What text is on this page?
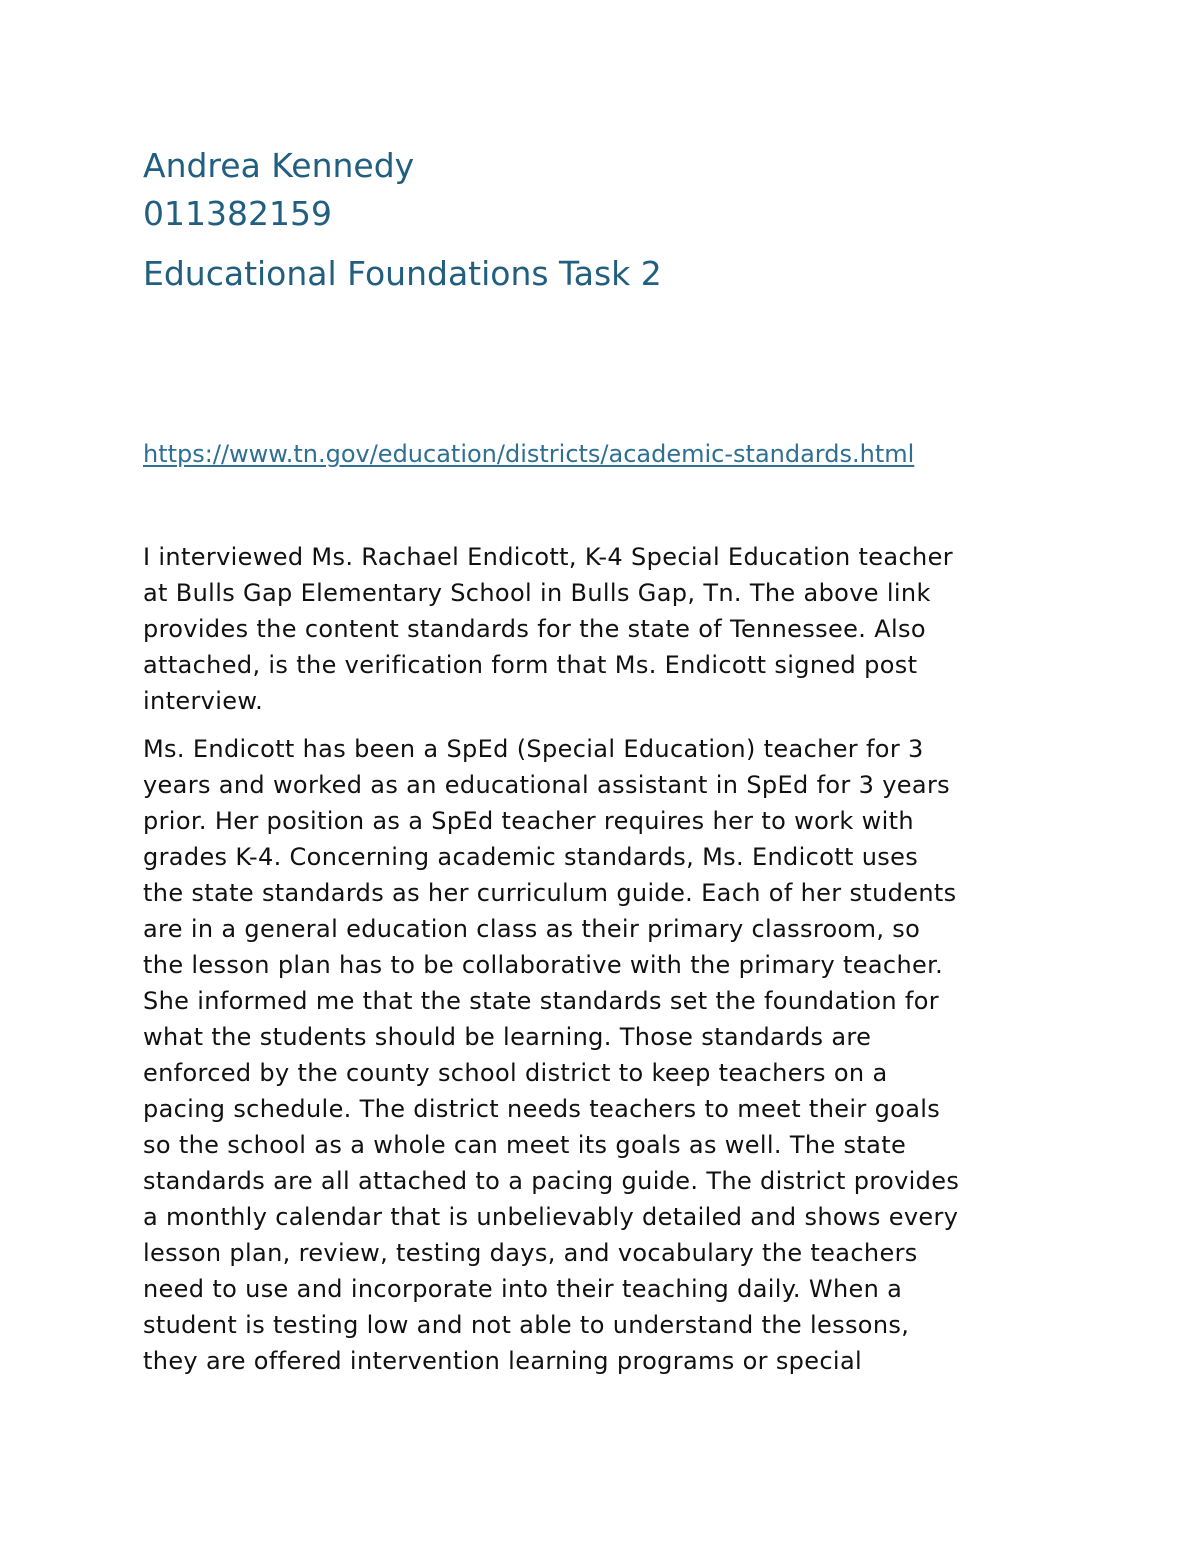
Andrea Kennedy
011382159
Educational Foundations Task 2
https://www.tn.gov/education/districts/academic-standards.html
I interviewed Ms. Rachael Endicott, K-4 Special Education teacher
at Bulls Gap Elementary School in Bulls Gap, Tn. The above link
provides the content standards for the state of Tennessee. Also
attached, is the verification form that Ms. Endicott signed post
interview.
Ms. Endicott has been a SpEd (Special Education) teacher for 3
years and worked as an educational assistant in SpEd for 3 years
prior. Her position as a SpEd teacher requires her to work with
grades K-4. Concerning academic standards, Ms. Endicott uses
the state standards as her curriculum guide. Each of her students
are in a general education class as their primary classroom, so
the lesson plan has to be collaborative with the primary teacher.
She informed me that the state standards set the foundation for
what the students should be learning. Those standards are
enforced by the county school district to keep teachers on a
pacing schedule. The district needs teachers to meet their goals
so the school as a whole can meet its goals as well. The state
standards are all attached to a pacing guide. The district provides
a monthly calendar that is unbelievably detailed and shows every
lesson plan, review, testing days, and vocabulary the teachers
need to use and incorporate into their teaching daily. When a
student is testing low and not able to understand the lessons,
they are offered intervention learning programs or special
